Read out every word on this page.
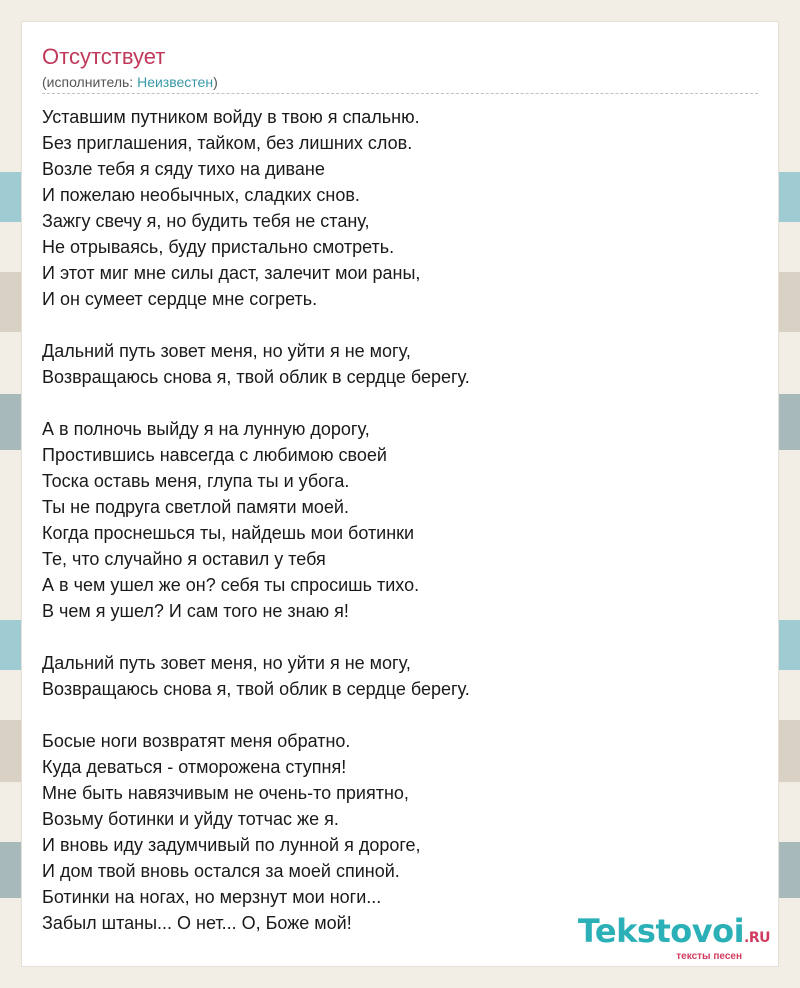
Отсутствует
(исполнитель: Неизвестен)
Уставшим путником войду в твою я спальню.
Без приглашения, тайком, без лишних слов.
Возле тебя я сяду тихо на диване
И пожелаю необычных, сладких снов.
Зажгу свечу я, но будить тебя не стану,
Не отрываясь, буду пристально смотреть.
И этот миг мне силы даст, залечит мои раны,
И он сумеет сердце мне согреть.
Дальний путь зовет меня, но уйти я не могу,
Возвращаюсь снова я, твой облик в сердце берегу.
А в полночь выйду я на лунную дорогу,
Простившись навсегда с любимою своей
Тоска оставь меня, глупа ты и убога.
Ты не подруга светлой памяти моей.
Когда проснешься ты, найдешь мои ботинки
Те, что случайно я оставил у тебя
А в чем ушел же он? себя ты спросишь тихо.
В чем я ушел? И сам того не знаю я!
Дальний путь зовет меня, но уйти я не могу,
Возвращаюсь снова я, твой облик в сердце берегу.
Босые ноги возвратят меня обратно.
Куда деваться - отморожена ступня!
Мне быть навязчивым не очень-то приятно,
Возьму ботинки и уйду тотчас же я.
И вновь иду задумчивый по лунной я дороге,
И дом твой вновь остался за моей спиной.
Ботинки на ногах, но мерзнут мои ноги...
Забыл штаны... О нет... О, Боже мой!	Tekstovoi.RU
тексты песен
